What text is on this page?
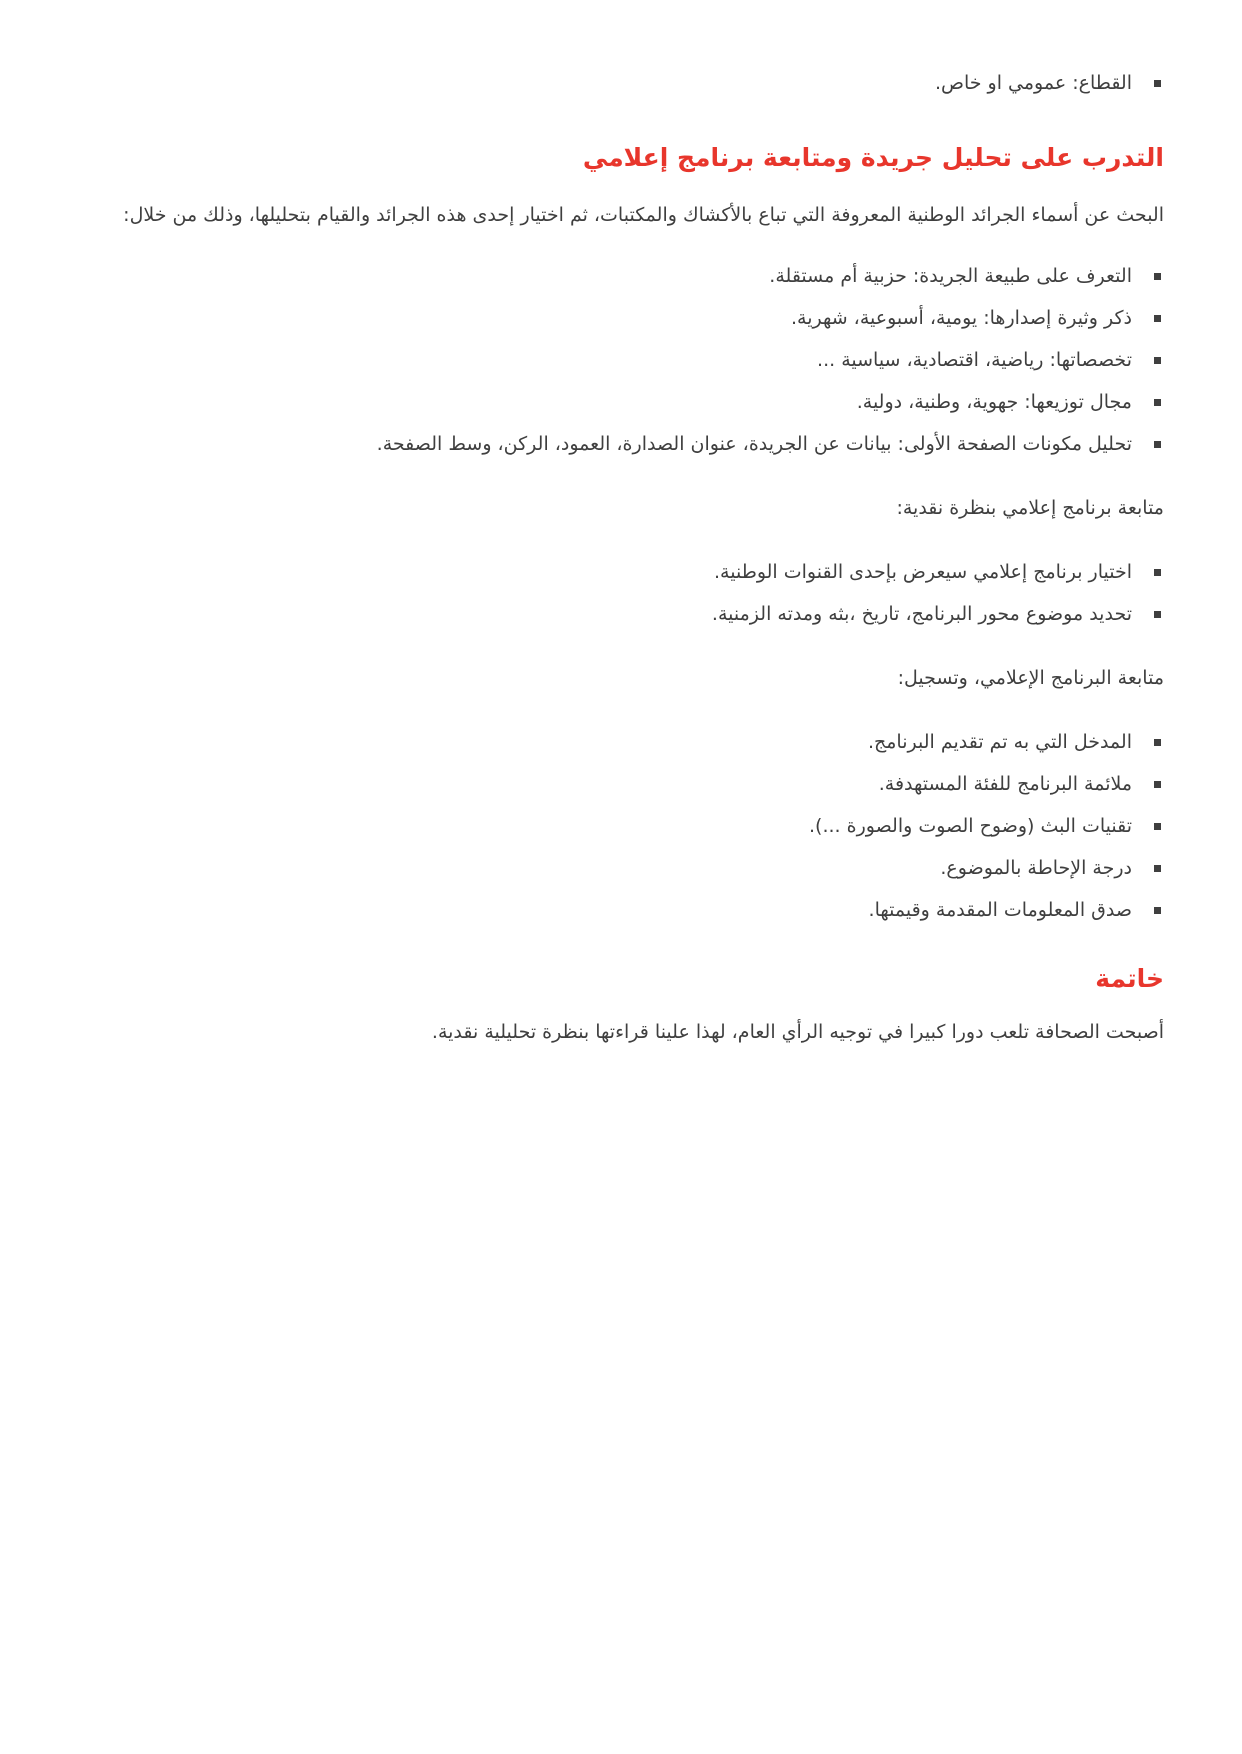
القطاع: عمومي او خاص.
التدرب على تحليل جريدة ومتابعة برنامج إعلامي

البحث عن أسماء الجرائد الوطنية المعروفة التي تباع بالأكشاك والمكتبات، ثم اختيار إحدى هذه الجرائد والقيام بتحليلها، وذلك من خلال:

التعرف على طبيعة الجريدة: حزبية أم مستقلة.
ذكر وثيرة إصدارها: يومية، أسبوعية، شهرية.
تخصصاتها: رياضية، اقتصادية، سياسية ...
مجال توزيعها: جهوية، وطنية، دولية.
تحليل مكونات الصفحة الأولى: بيانات عن الجريدة، عنوان الصدارة، العمود، الركن، وسط الصفحة.

متابعة برنامج إعلامي بنظرة نقدية:

اختيار برنامج إعلامي سيعرض بإحدى القنوات الوطنية.
تحديد موضوع محور البرنامج، تاريخ ،بثه ومدته الزمنية.

متابعة البرنامج الإعلامي، وتسجيل:

المدخل التي به تم تقديم البرنامج.
ملائمة البرنامج للفئة المستهدفة.
تقنيات البث (وضوح الصوت والصورة ...).
درجة الإحاطة بالموضوع.
صدق المعلومات المقدمة وقيمتها.
خاتمة

أصبحت الصحافة تلعب دورا كبيرا في توجيه الرأي العام، لهذا علينا قراءتها بنظرة تحليلية نقدية.
